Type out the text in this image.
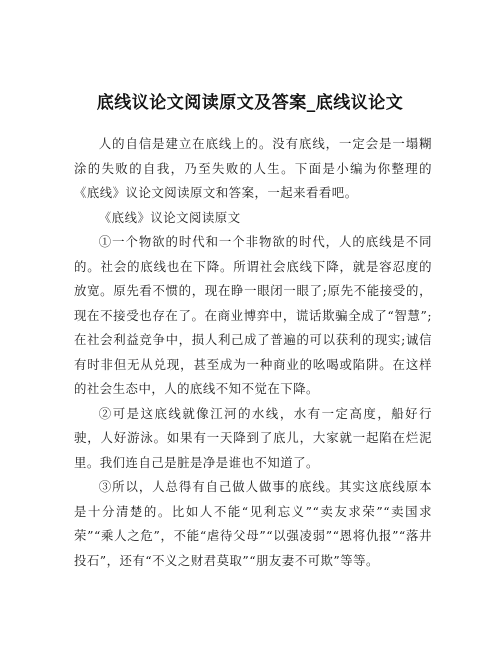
底线议论文阅读原文及答案_底线议论文

人的自信是建立在底线上的。没有底线，一定会是一塌糊涂的失败的自我，乃至失败的人生。下面是小编为你整理的《底线》议论文阅读原文和答案，一起来看看吧。

《底线》议论文阅读原文

①一个物欲的时代和一个非物欲的时代，人的底线是不同的。社会的底线也在下降。所谓社会底线下降，就是容忍度的放宽。原先看不惯的，现在睁一眼闭一眼了;原先不能接受的，现在不接受也存在了。在商业博弈中，谎话欺骗全成了“智慧”;在社会利益竞争中，损人利己成了普遍的可以获利的现实;诚信有时非但无从兑现，甚至成为一种商业的吆喝或陷阱。在这样的社会生态中，人的底线不知不觉在下降。

②可是这底线就像江河的水线，水有一定高度，船好行驶，人好游泳。如果有一天降到了底儿，大家就一起陷在烂泥里。我们连自己是脏是净是谁也不知道了。

③所以，人总得有自己做人做事的底线。其实这底线原本是十分清楚的。比如人不能“见利忘义”“卖友求荣”“卖国求荣”“乘人之危”，不能“虐待父母”“以强凌弱”“恩将仇报”“落井投石”，还有“不义之财君莫取”“朋友妻不可欺”等等。
